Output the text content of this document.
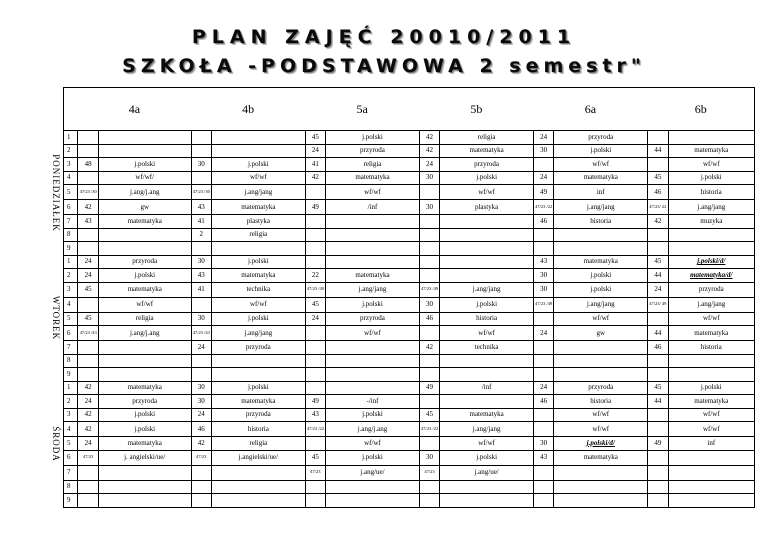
PLAN ZAJĘĆ 20010/2011
SZKOŁA -PODSTAWOWA 2 semestr"
	4a		4b		5a		5b		6a		6b	
1					45	j.polski	42	religia	24	przyroda		
2					24	przyroda	42	matematyka	30	j.polski	44	matematyka
3	48	j.polski	30	j.polski	41	religia	24	przyroda		wf/wf		wf/wf
4		wf/wf/		wf/wf	42	matematyka	30	j.polski	24	matematyka	45	j.polski
5	47/23 /30	j.ang/j.ang	47/23 /30	j.ang/jang		wf/wf		wf/wf	49	inf	46	historia
6	42	gw	43	matematyka	49	/inf	30	plastyka	47/23 /22	j.ang/jang	47/23/ 22	j.ang/jang
7	43	matematyka	41	plastyka					46	historia	42	muzyka
8			2	religia								
9												
1	24	przyroda	30	j.polski					43	matematyka	45	j.polski/d/
2	24	j.polski	43	matematyka	22	matematyka			30	j.polski	44	matematyka/d/
3	45	matematyka	41	technika	47/23 /49	j.ang/jang	47/23 /49	j.ang/jang	30	j.polski	24	przyroda
4		wf/wf		wf/wf	45	j.polski	30	j.polski	47/23 /49	j.ang/jang	47/23/ 49	j.ang/jang
5	45	religia	30	j.polski	24	przyroda	46	historia		wf/wf		wf/wf
6	47/23 /43	j.ang/j.ang	47/23 /43	j.ang/jang		wf/wf		wf/wf	24	gw	44	matematyka
7			24	przyroda			42	technika			46	historia
8												
9												
1	42	matematyka	30	j.polski			49	/inf	24	przyroda	45	j.polski
2	24	przyroda	30	matematyka	49	-/inf			46	historia	44	matematyka
3	42	j.polski	24	przyroda	43	j.polski	45	matematyka		wf/wf		wf/wf
4	42	j.polski	46	historia	47/23 /22	j.ang/j.ang	47/23 /22	j.ang/jang		wf/wf		wf/wf
5	24	matematyka	42	religia		wf/wf		wf/wf	30	j.polski/d/	49	inf
6	47/23	j. angielski/ue/	47/23	j.angielski/ue/	45	j.polski	30	j.polski	43	matematyka		
7					47/23	j.ang/ue/	47/23	j.ang/ue/				
8												
9												
PONIEDZIAŁEK
WTOREK
ŚRODA
